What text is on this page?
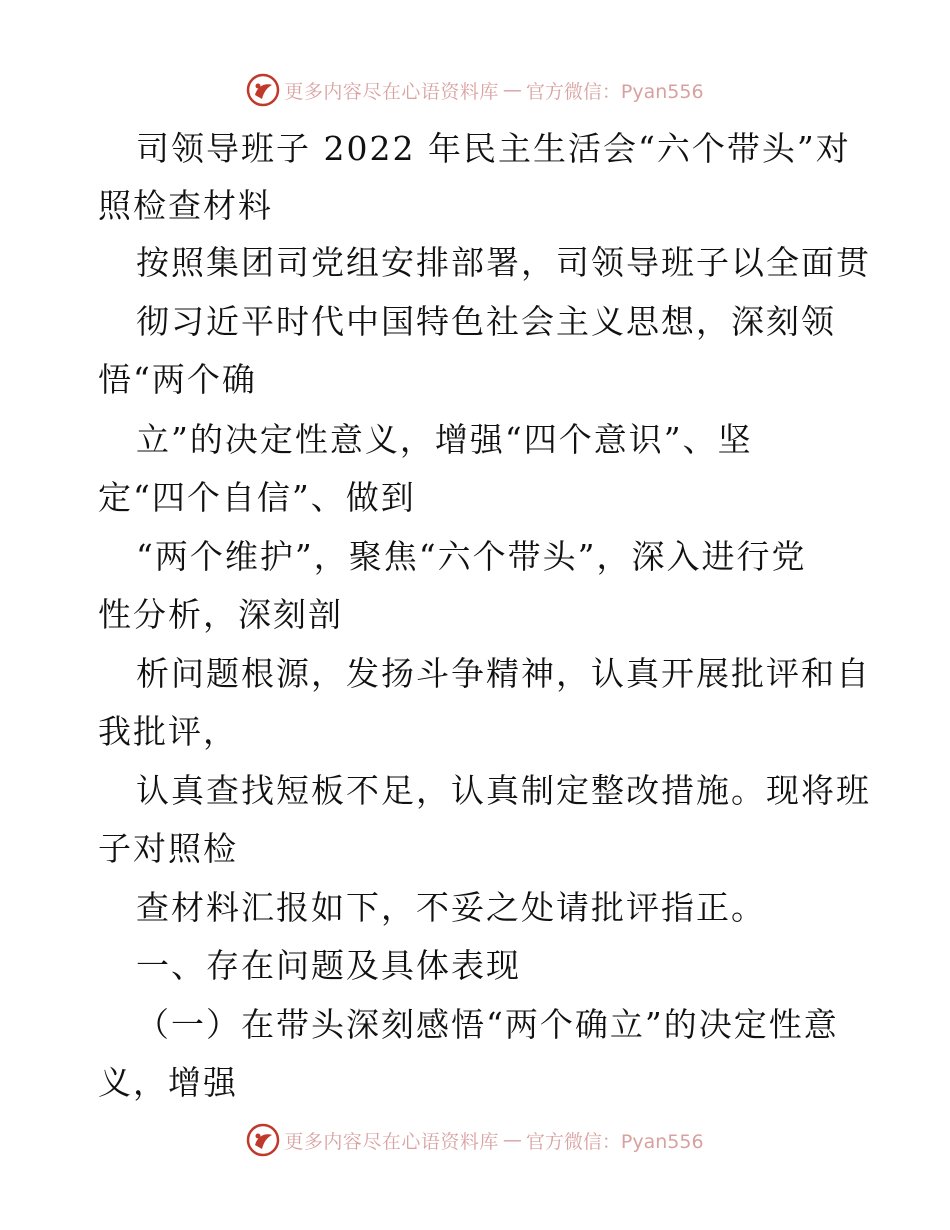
更多内容尽在心语资料库 — 官方微信：Pyan556
司领导班子 2022 年民主生活会“六个带头”对
照检查材料
按照集团司党组安排部署，司领导班子以全面贯
彻习近平时代中国特色社会主义思想，深刻领
悟“两个确
立”的决定性意义，增强“四个意识”、坚
定“四个自信”、做到
“两个维护”，聚焦“六个带头”，深入进行党
性分析，深刻剖
析问题根源，发扬斗争精神，认真开展批评和自
我批评，
认真查找短板不足，认真制定整改措施。现将班
子对照检
查材料汇报如下，不妥之处请批评指正。
一、存在问题及具体表现
（一）在带头深刻感悟“两个确立”的决定性意
义，增强
更多内容尽在心语资料库 — 官方微信：Pyan556
